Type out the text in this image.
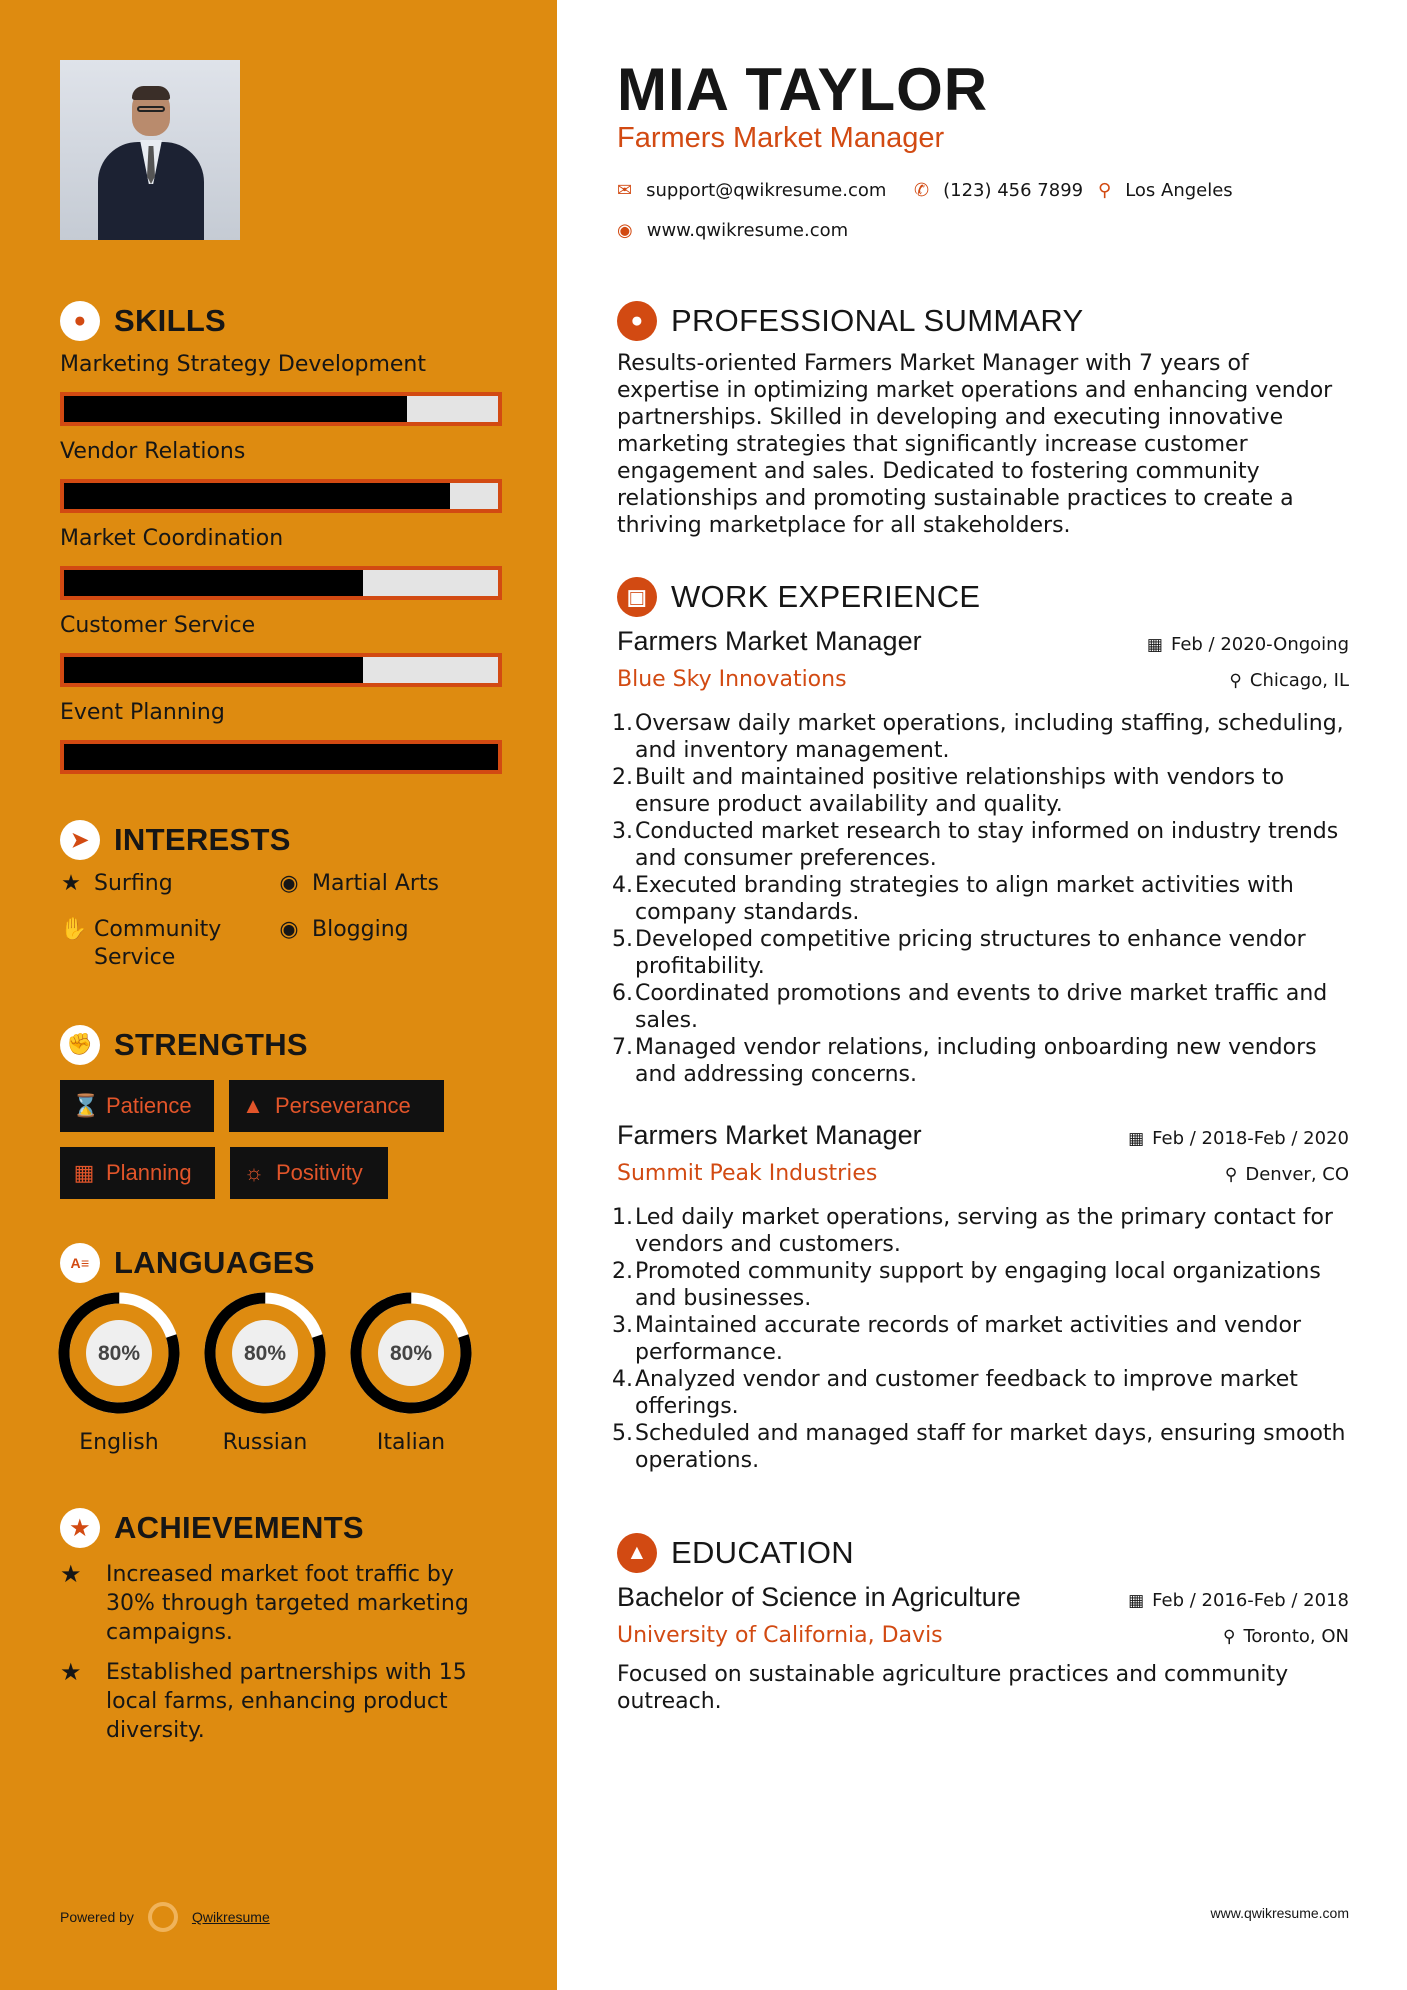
● SKILLS
Marketing Strategy Development
Vendor Relations
Market Coordination
Customer Service
Event Planning
➤ INTERESTS
★ Surfing	◉ Martial Arts
✋ Community
Service
◉ Blogging
✊ STRENGTHS
⌛ Patience ▲ Perseverance
▦ Planning ☼ Positivity
A≡ LANGUAGES
80%
English
80%
Russian
80%
Italian
★ ACHIEVEMENTS
★	Increased market foot traffic by 30% through targeted marketing campaigns.
★	Established partnerships with 15 local farms, enhancing product diversity.
Powered by	Qwikresume
MIA TAYLOR
Farmers Market Manager
✉ support@qwikresume.com ✆ (123) 456 7899 ⚲ Los Angeles
◉ www.qwikresume.com
● PROFESSIONAL SUMMARY
Results-oriented Farmers Market Manager with 7 years of expertise in optimizing market operations and enhancing vendor partnerships. Skilled in developing and executing innovative marketing strategies that significantly increase customer engagement and sales. Dedicated to fostering community relationships and promoting sustainable practices to create a thriving marketplace for all stakeholders.
▣ WORK EXPERIENCE
Farmers Market Manager
Blue Sky Innovations
▦ Feb / 2020-Ongoing
⚲ Chicago, IL
1. Oversaw daily market operations, including staffing, scheduling, and inventory management.
2. Built and maintained positive relationships with vendors to ensure product availability and quality.
3. Conducted market research to stay informed on industry trends and consumer preferences.
4. Executed branding strategies to align market activities with company standards.
5. Developed competitive pricing structures to enhance vendor profitability.
6. Coordinated promotions and events to drive market traffic and sales.
7. Managed vendor relations, including onboarding new vendors and addressing concerns.
Farmers Market Manager
Summit Peak Industries
▦ Feb / 2018-Feb / 2020
⚲ Denver, CO
1. Led daily market operations, serving as the primary contact for vendors and customers.
2. Promoted community support by engaging local organizations and businesses.
3. Maintained accurate records of market activities and vendor performance.
4. Analyzed vendor and customer feedback to improve market offerings.
5. Scheduled and managed staff for market days, ensuring smooth operations.
▲ EDUCATION
Bachelor of Science in Agriculture
University of California, Davis
▦ Feb / 2016-Feb / 2018
⚲ Toronto, ON
Focused on sustainable agriculture practices and community outreach.
www.qwikresume.com
